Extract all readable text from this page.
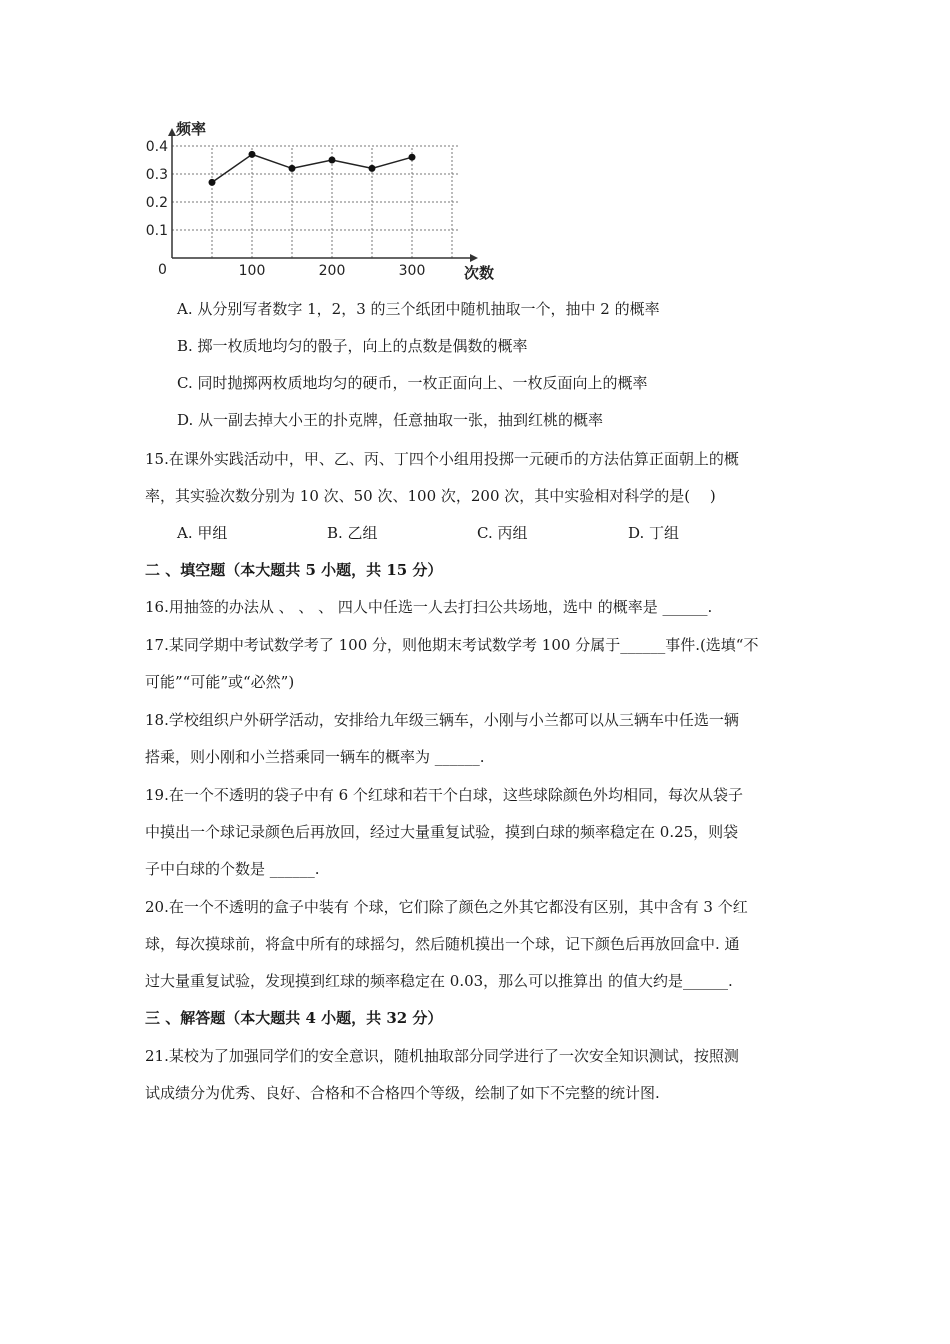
频率
次数
0
0.1
0.2
0.3
0.4
100	200	300
A. 从分别写者数字 1，2，3 的三个纸团中随机抽取一个，抽中 2 的概率
B. 掷一枚质地均匀的骰子，向上的点数是偶数的概率
C. 同时抛掷两枚质地均匀的硬币，一枚正面向上、一枚反面向上的概率
D. 从一副去掉大小王的扑克牌，任意抽取一张，抽到红桃的概率
15.在课外实践活动中，甲、乙、丙、丁四个小组用投掷一元硬币的方法估算正面朝上的概
率，其实验次数分别为 10 次、50 次、100 次，200 次，其中实验相对科学的是(　 )
A. 甲组	B. 乙组	C. 丙组	D. 丁组
二 、填空题（本大题共 5 小题，共 15 分）
16.用抽签的办法从 、 、 、 四人中任选一人去打扫公共场地，选中 的概率是 ______.
17.某同学期中考试数学考了 100 分，则他期末考试数学考 100 分属于______事件.(选填“不
可能”“可能”或“必然”)
18.学校组织户外研学活动，安排给九年级三辆车，小刚与小兰都可以从三辆车中任选一辆
搭乘，则小刚和小兰搭乘同一辆车的概率为 ______.
19.在一个不透明的袋子中有 6 个红球和若干个白球，这些球除颜色外均相同，每次从袋子
中摸出一个球记录颜色后再放回，经过大量重复试验，摸到白球的频率稳定在 0.25，则袋
子中白球的个数是 ______.
20.在一个不透明的盒子中装有 个球，它们除了颜色之外其它都没有区别，其中含有 3 个红
球，每次摸球前，将盒中所有的球摇匀，然后随机摸出一个球，记下颜色后再放回盒中. 通
过大量重复试验，发现摸到红球的频率稳定在 0.03，那么可以推算出 的值大约是______.
三 、解答题（本大题共 4 小题，共 32 分）
21.某校为了加强同学们的安全意识，随机抽取部分同学进行了一次安全知识测试，按照测
试成绩分为优秀、良好、合格和不合格四个等级，绘制了如下不完整的统计图.
